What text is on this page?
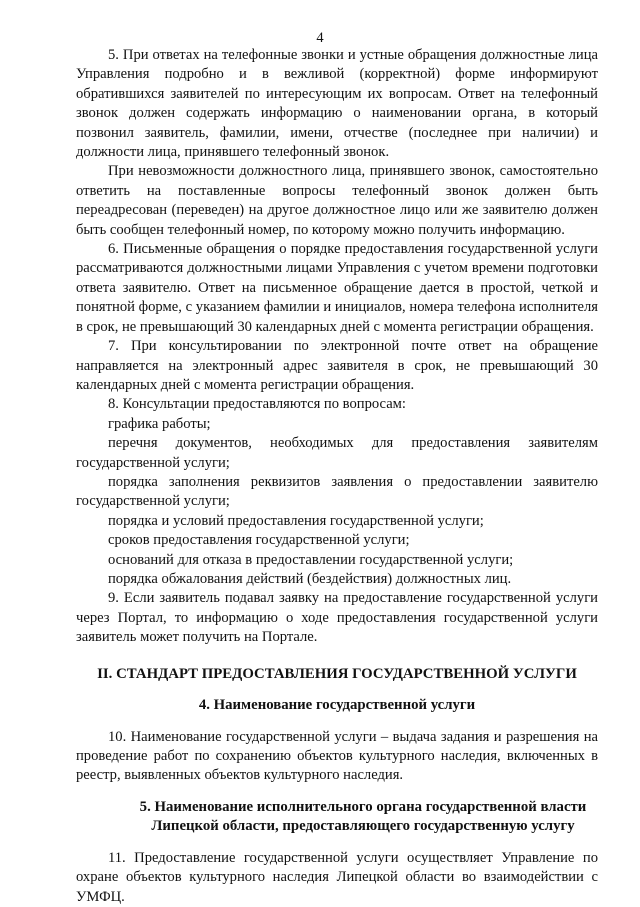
4

5. При ответах на телефонные звонки и устные обращения должностные лица Управления подробно и в вежливой (корректной) форме информируют обратившихся заявителей по интересующим их вопросам. Ответ на телефонный звонок должен содержать информацию о наименовании органа, в который позвонил заявитель, фамилии, имени, отчестве (последнее при наличии) и должности лица, принявшего телефонный звонок.

При невозможности должностного лица, принявшего звонок, самостоятельно ответить на поставленные вопросы телефонный звонок должен быть переадресован (переведен) на другое должностное лицо или же заявителю должен быть сообщен телефонный номер, по которому можно получить информацию.

6. Письменные обращения о порядке предоставления государственной услуги рассматриваются должностными лицами Управления с учетом времени подготовки ответа заявителю. Ответ на письменное обращение дается в простой, четкой и понятной форме, с указанием фамилии и инициалов, номера телефона исполнителя в срок, не превышающий 30 календарных дней с момента регистрации обращения.

7. При консультировании по электронной почте ответ на обращение направляется на электронный адрес заявителя в срок, не превышающий 30 календарных дней с момента регистрации обращения.

8. Консультации предоставляются по вопросам:

графика работы;

перечня документов, необходимых для предоставления заявителям государственной услуги;

порядка заполнения реквизитов заявления о предоставлении заявителю государственной услуги;

порядка и условий предоставления государственной услуги;

сроков предоставления государственной услуги;

оснований для отказа в предоставлении государственной услуги;

порядка обжалования действий (бездействия) должностных лиц.

9. Если заявитель подавал заявку на предоставление государственной услуги через Портал, то информацию о ходе предоставления государственной услуги заявитель может получить на Портале.

II. СТАНДАРТ ПРЕДОСТАВЛЕНИЯ ГОСУДАРСТВЕННОЙ УСЛУГИ
4. Наименование государственной услуги

10. Наименование государственной услуги – выдача задания и разрешения на проведение работ по сохранению объектов культурного наследия, включенных в реестр, выявленных объектов культурного наследия.

5. Наименование исполнительного органа государственной власти Липецкой области, предоставляющего государственную услугу

11. Предоставление государственной услуги осуществляет Управление по охране объектов культурного наследия Липецкой области во взаимодействии с УМФЦ.
